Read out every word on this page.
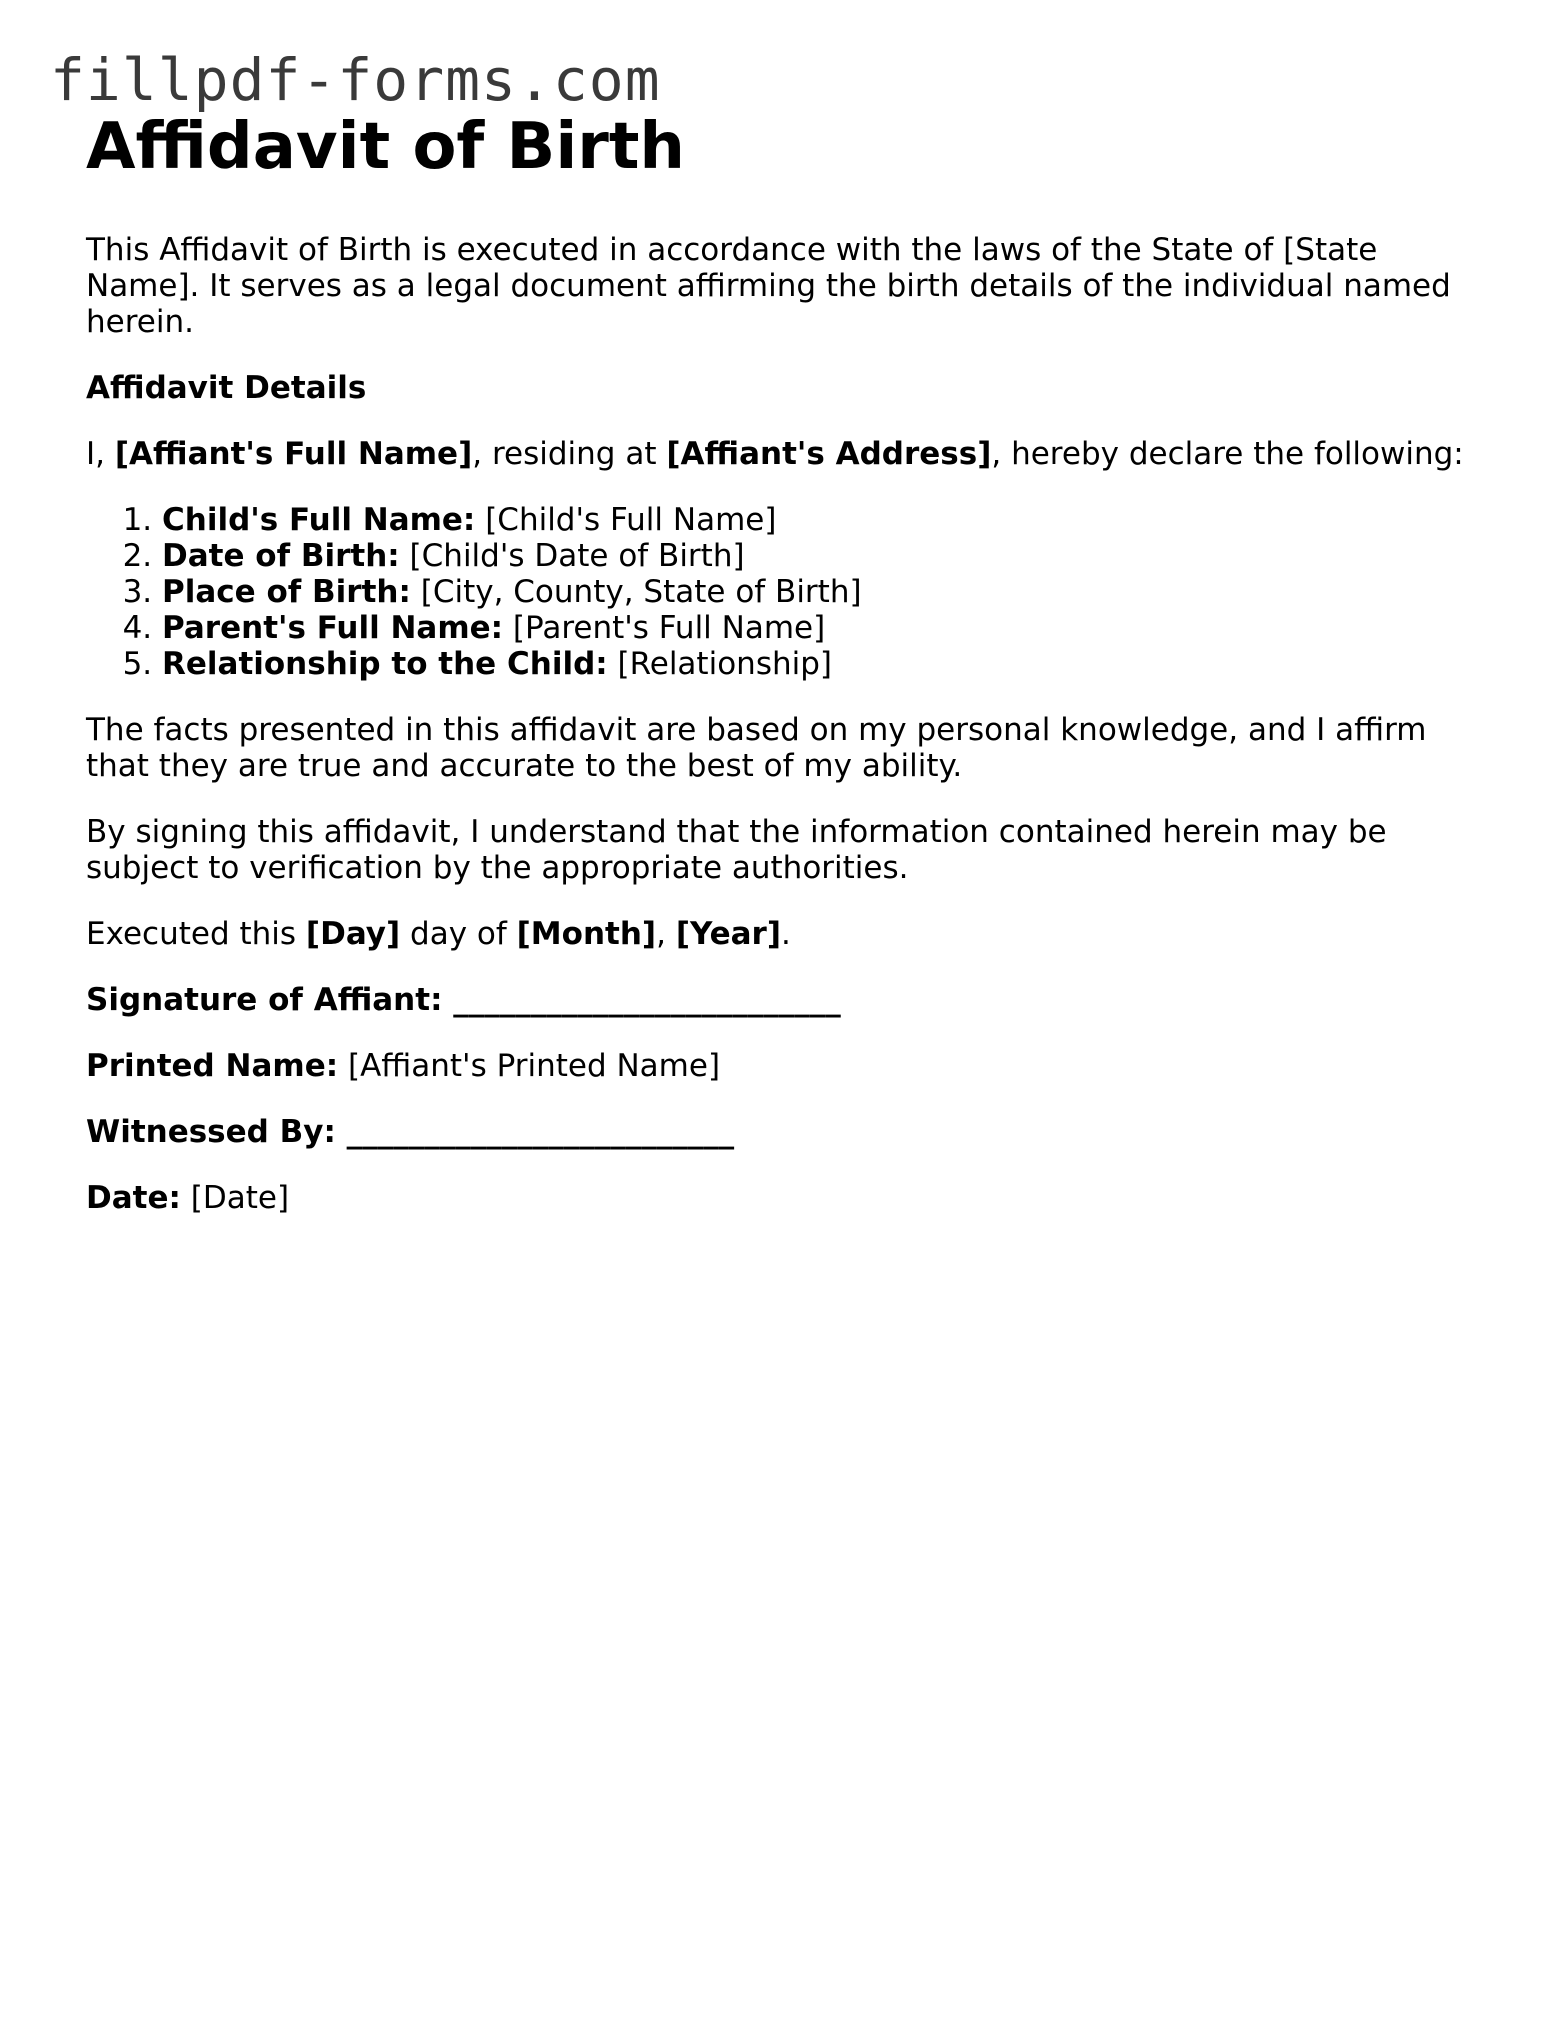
fillpdf-forms.com
Affidavit of Birth

This Affidavit of Birth is executed in accordance with the laws of the State of [State Name]. It serves as a legal document affirming the birth details of the individual named herein.

Affidavit Details

I, [Affiant's Full Name], residing at [Affiant's Address], hereby declare the following:

1. Child's Full Name: [Child's Full Name]
2. Date of Birth: [Child's Date of Birth]
3. Place of Birth: [City, County, State of Birth]
4. Parent's Full Name: [Parent's Full Name]
5. Relationship to the Child: [Relationship]

The facts presented in this affidavit are based on my personal knowledge, and I affirm that they are true and accurate to the best of my ability.

By signing this affidavit, I understand that the information contained herein may be subject to verification by the appropriate authorities.

Executed this [Day] day of [Month], [Year].

Signature of Affiant: _________________________

Printed Name: [Affiant's Printed Name]

Witnessed By: _________________________

Date: [Date]
